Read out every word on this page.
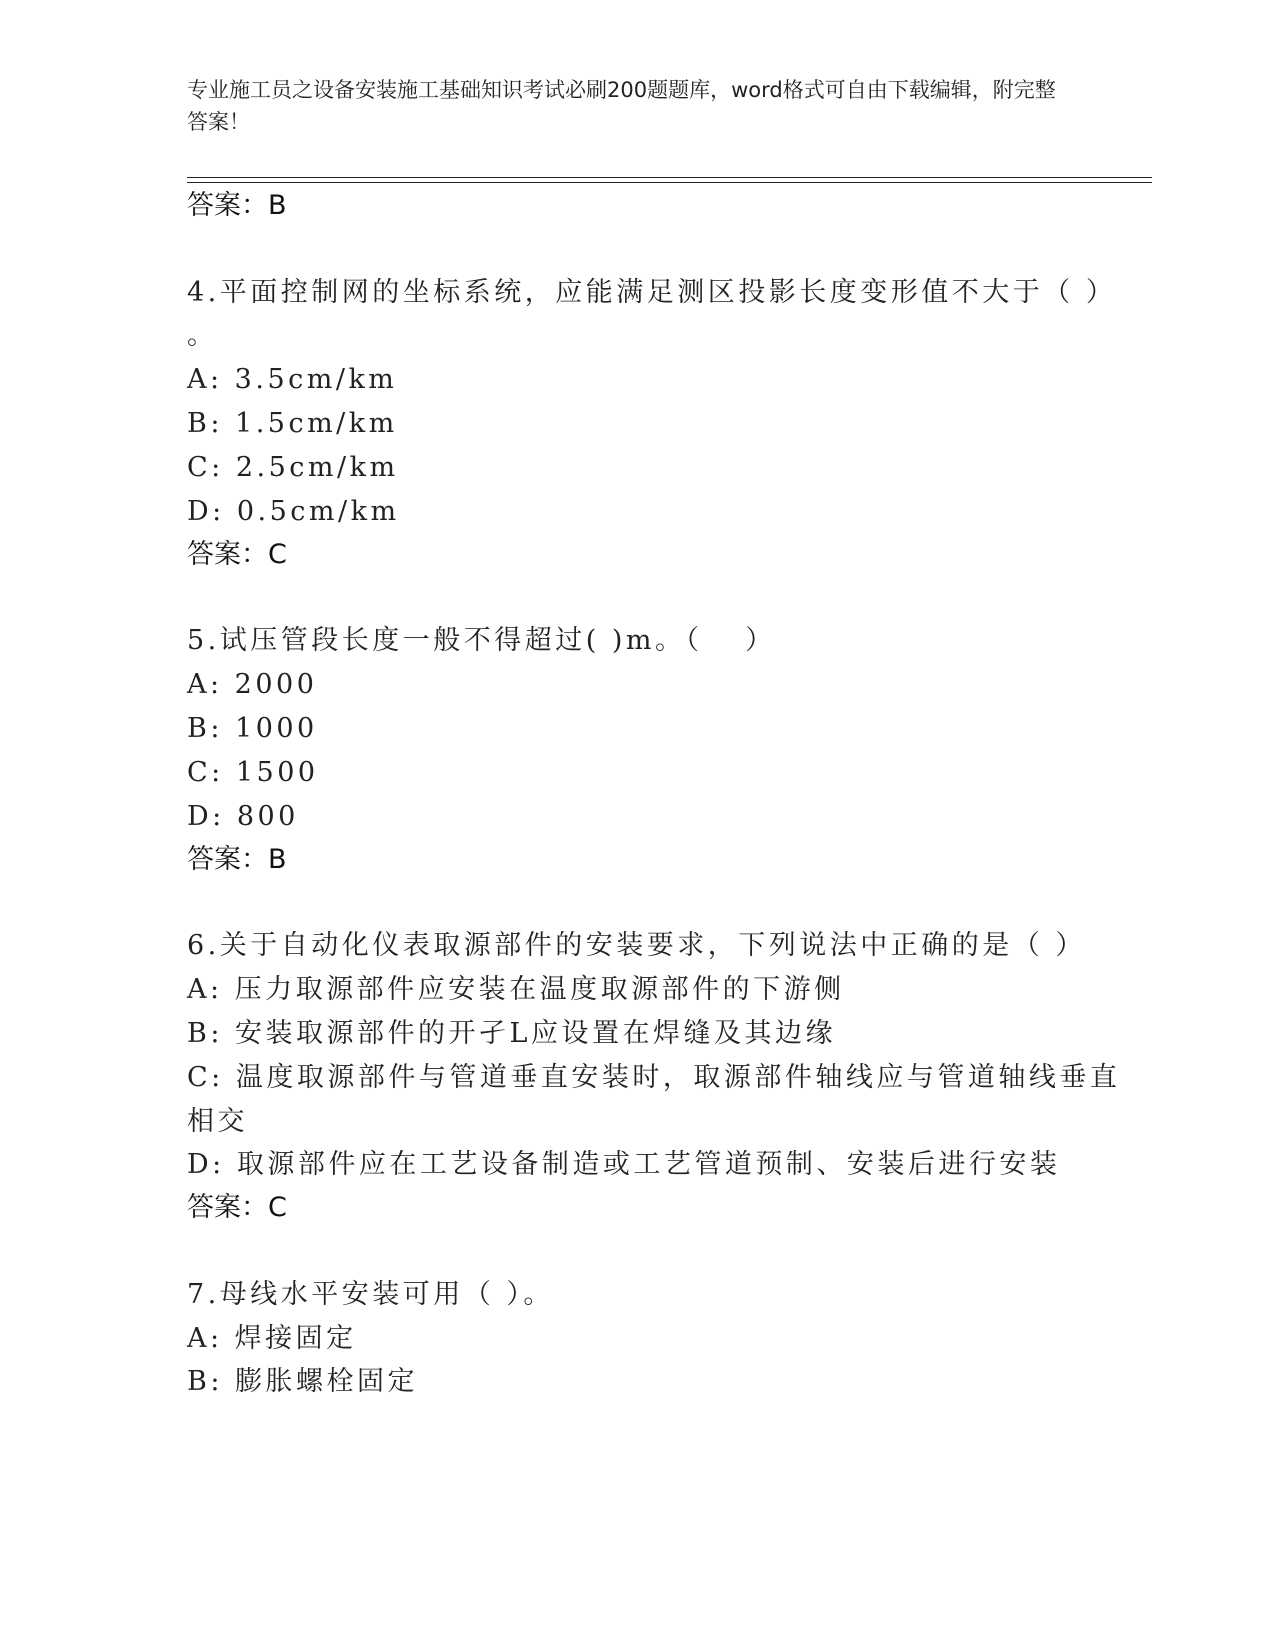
专业施工员之设备安装施工基础知识考试必刷200题题库，word格式可自由下载编辑，附完整答案！
答案：B
4.平面控制网的坐标系统，应能满足测区投影长度变形值不大于（ ）
。
A: 3.5cm/km
B: 1.5cm/km
C: 2.5cm/km
D: 0.5cm/km
答案：C
5.试压管段长度一般不得超过( )m。（　 ）
A: 2000
B: 1000
C: 1500
D: 800
答案：B
6.关于自动化仪表取源部件的安装要求，下列说法中正确的是（ ）
A: 压力取源部件应安装在温度取源部件的下游侧
B: 安装取源部件的开孑L应设置在焊缝及其边缘
C: 温度取源部件与管道垂直安装时，取源部件轴线应与管道轴线垂直
相交
D: 取源部件应在工艺设备制造或工艺管道预制、安装后进行安装
答案：C
7.母线水平安装可用（ ）。
A: 焊接固定
B: 膨胀螺栓固定
